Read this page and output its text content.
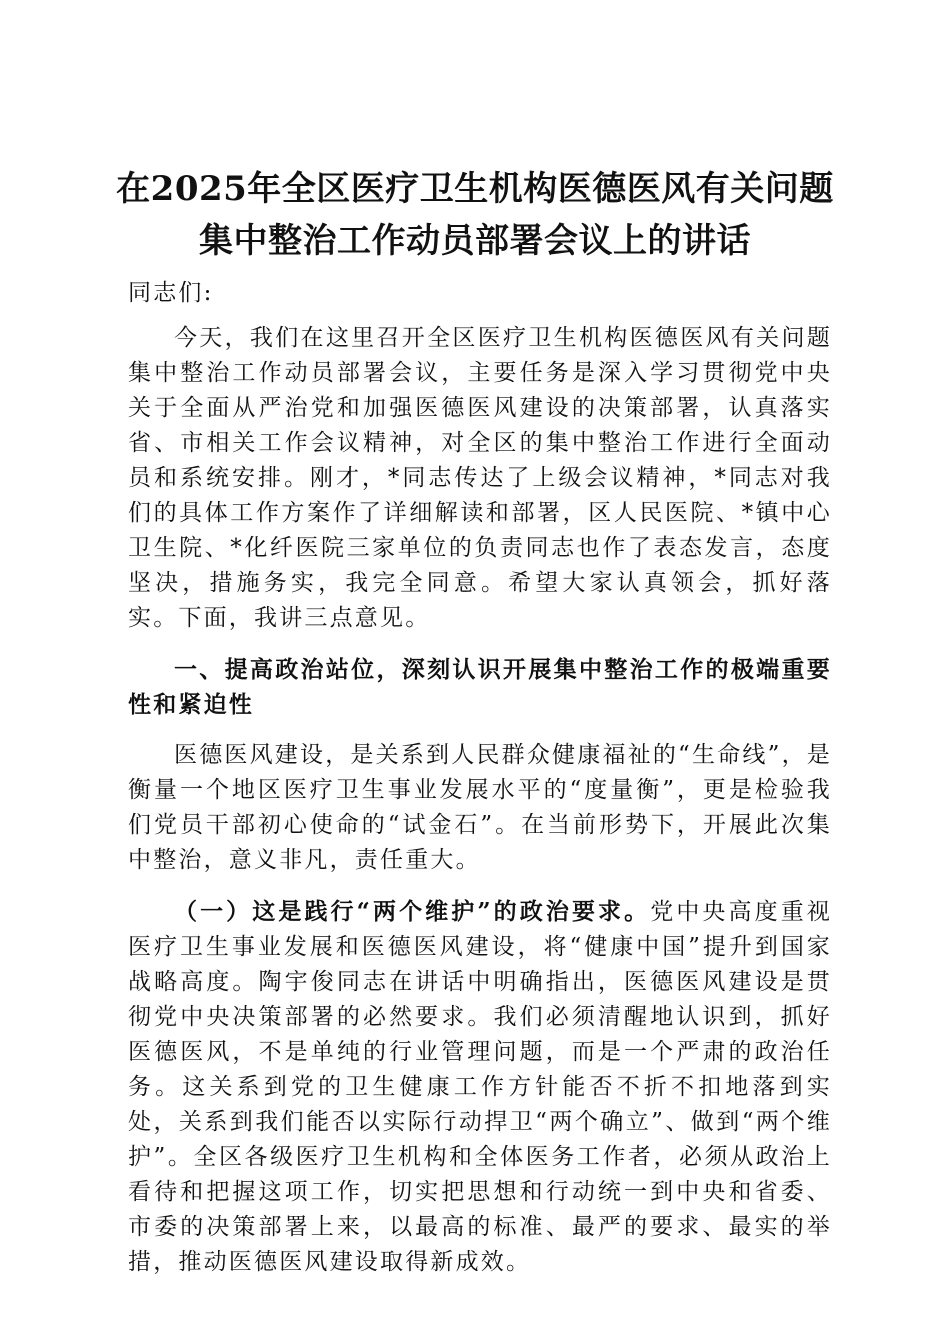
在2025年全区医疗卫生机构医德医风有关问题集中整治工作动员部署会议上的讲话

同志们:

今天，我们在这里召开全区医疗卫生机构医德医风有关问题集中整治工作动员部署会议，主要任务是深入学习贯彻党中央关于全面从严治党和加强医德医风建设的决策部署，认真落实省、市相关工作会议精神，对全区的集中整治工作进行全面动员和系统安排。刚才，*同志传达了上级会议精神，*同志对我们的具体工作方案作了详细解读和部署，区人民医院、*镇中心卫生院、*化纤医院三家单位的负责同志也作了表态发言，态度坚决，措施务实，我完全同意。希望大家认真领会，抓好落实。下面，我讲三点意见。

一、提高政治站位，深刻认识开展集中整治工作的极端重要性和紧迫性

医德医风建设，是关系到人民群众健康福祉的“生命线”，是衡量一个地区医疗卫生事业发展水平的“度量衡”，更是检验我们党员干部初心使命的“试金石”。在当前形势下，开展此次集中整治，意义非凡，责任重大。

（一）这是践行“两个维护”的政治要求。党中央高度重视医疗卫生事业发展和医德医风建设，将“健康中国”提升到国家战略高度。陶宇俊同志在讲话中明确指出，医德医风建设是贯彻党中央决策部署的必然要求。我们必须清醒地认识到，抓好医德医风，不是单纯的行业管理问题，而是一个严肃的政治任务。这关系到党的卫生健康工作方针能否不折不扣地落到实处，关系到我们能否以实际行动捍卫“两个确立”、做到“两个维护”。全区各级医疗卫生机构和全体医务工作者，必须从政治上看待和把握这项工作，切实把思想和行动统一到中央和省委、市委的决策部署上来，以最高的标准、最严的要求、最实的举措，推动医德医风建设取得新成效。
